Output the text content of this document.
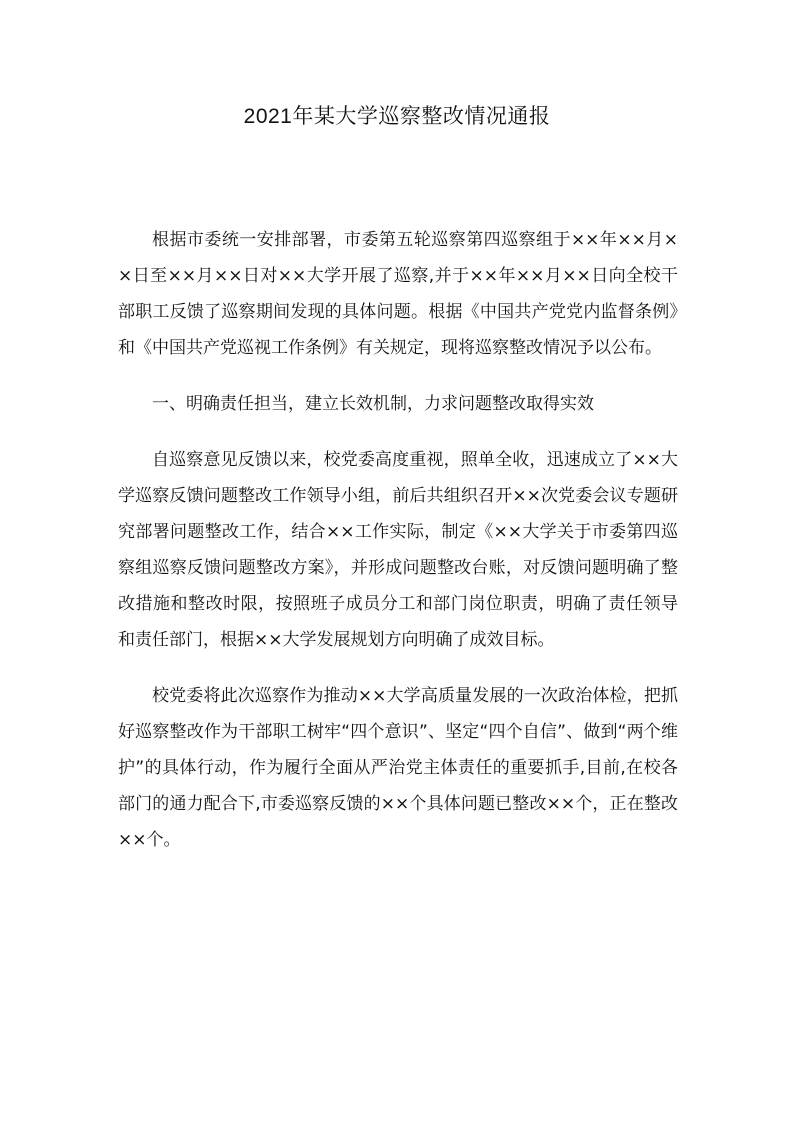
2021年某大学巡察整改情况通报

根据市委统一安排部署，市委第五轮巡察第四巡察组于××年××月××日至××月××日对××大学开展了巡察,并于××年××月××日向全校干部职工反馈了巡察期间发现的具体问题。根据《中国共产党党内监督条例》和《中国共产党巡视工作条例》有关规定，现将巡察整改情况予以公布。

一、明确责任担当，建立长效机制，力求问题整改取得实效

自巡察意见反馈以来，校党委高度重视，照单全收，迅速成立了××大学巡察反馈问题整改工作领导小组，前后共组织召开××次党委会议专题研究部署问题整改工作，结合××工作实际，制定《××大学关于市委第四巡察组巡察反馈问题整改方案》，并形成问题整改台账，对反馈问题明确了整改措施和整改时限，按照班子成员分工和部门岗位职责，明确了责任领导和责任部门，根据××大学发展规划方向明确了成效目标。

校党委将此次巡察作为推动××大学高质量发展的一次政治体检，把抓好巡察整改作为干部职工树牢“四个意识”、坚定“四个自信”、做到“两个维护”的具体行动，作为履行全面从严治党主体责任的重要抓手,目前,在校各部门的通力配合下,市委巡察反馈的××个具体问题已整改××个，正在整改××个。
